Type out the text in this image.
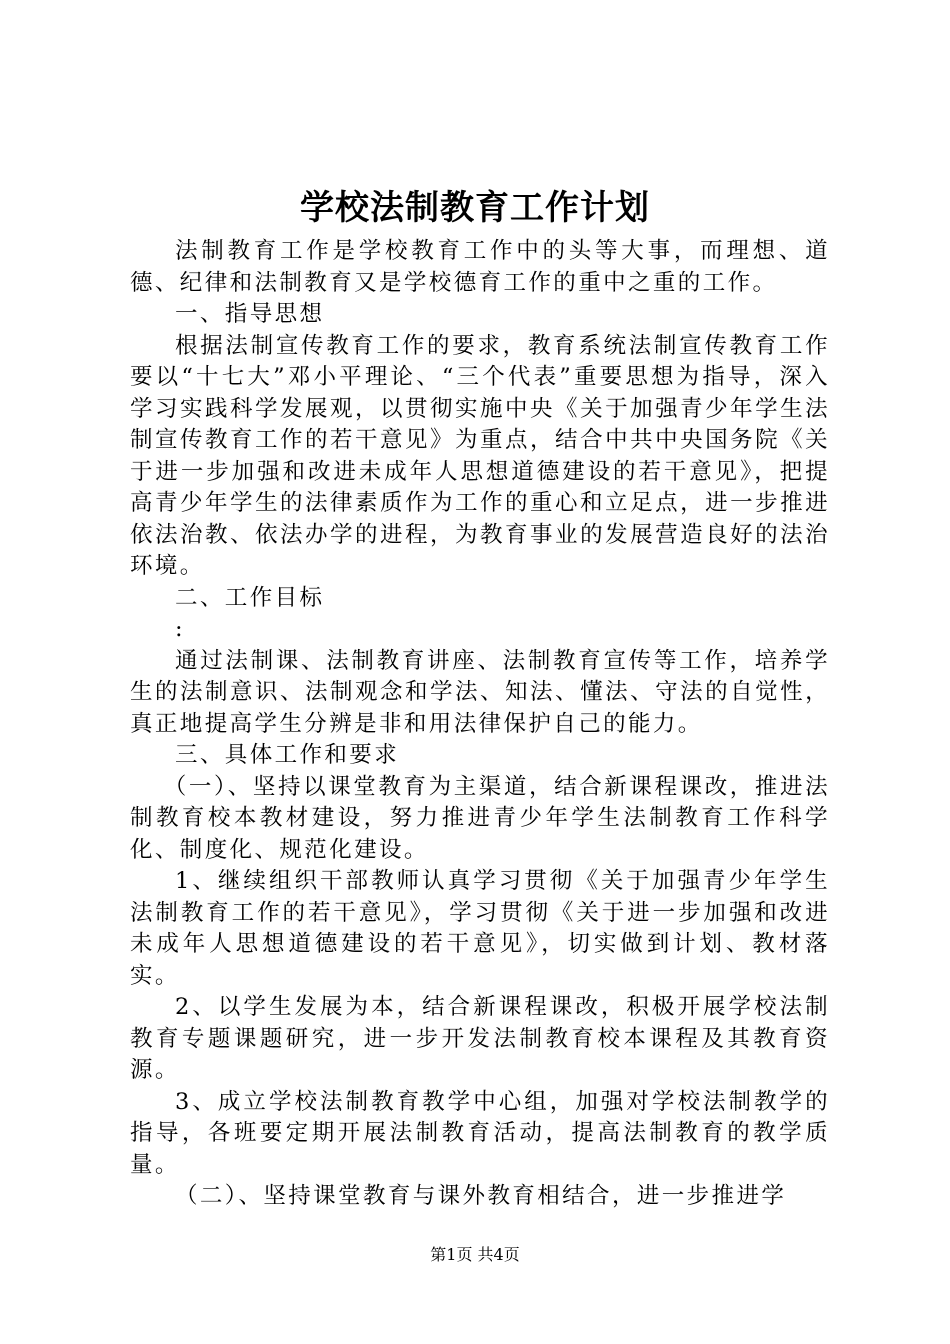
学校法制教育工作计划

法制教育工作是学校教育工作中的头等大事，而理想、道德、纪律和法制教育又是学校德育工作的重中之重的工作。

一、指导思想

根据法制宣传教育工作的要求，教育系统法制宣传教育工作要以“十七大”邓小平理论、“三个代表”重要思想为指导，深入学习实践科学发展观，以贯彻实施中央《关于加强青少年学生法制宣传教育工作的若干意见》为重点，结合中共中央国务院《关于进一步加强和改进未成年人思想道德建设的若干意见》，把提高青少年学生的法律素质作为工作的重心和立足点，进一步推进依法治教、依法办学的进程，为教育事业的发展营造良好的法治环境。

二、工作目标

:

通过法制课、法制教育讲座、法制教育宣传等工作，培养学生的法制意识、法制观念和学法、知法、懂法、守法的自觉性，真正地提高学生分辨是非和用法律保护自己的能力。

三、具体工作和要求

（一）、坚持以课堂教育为主渠道，结合新课程课改，推进法制教育校本教材建设，努力推进青少年学生法制教育工作科学化、制度化、规范化建设。

1、继续组织干部教师认真学习贯彻《关于加强青少年学生法制教育工作的若干意见》，学习贯彻《关于进一步加强和改进未成年人思想道德建设的若干意见》，切实做到计划、教材落实。

2、以学生发展为本，结合新课程课改，积极开展学校法制教育专题课题研究，进一步开发法制教育校本课程及其教育资源。

3、成立学校法制教育教学中心组，加强对学校法制教学的指导，各班要定期开展法制教育活动，提高法制教育的教学质量。

（二）、坚持课堂教育与课外教育相结合，进一步推进学

第1页 共4页
